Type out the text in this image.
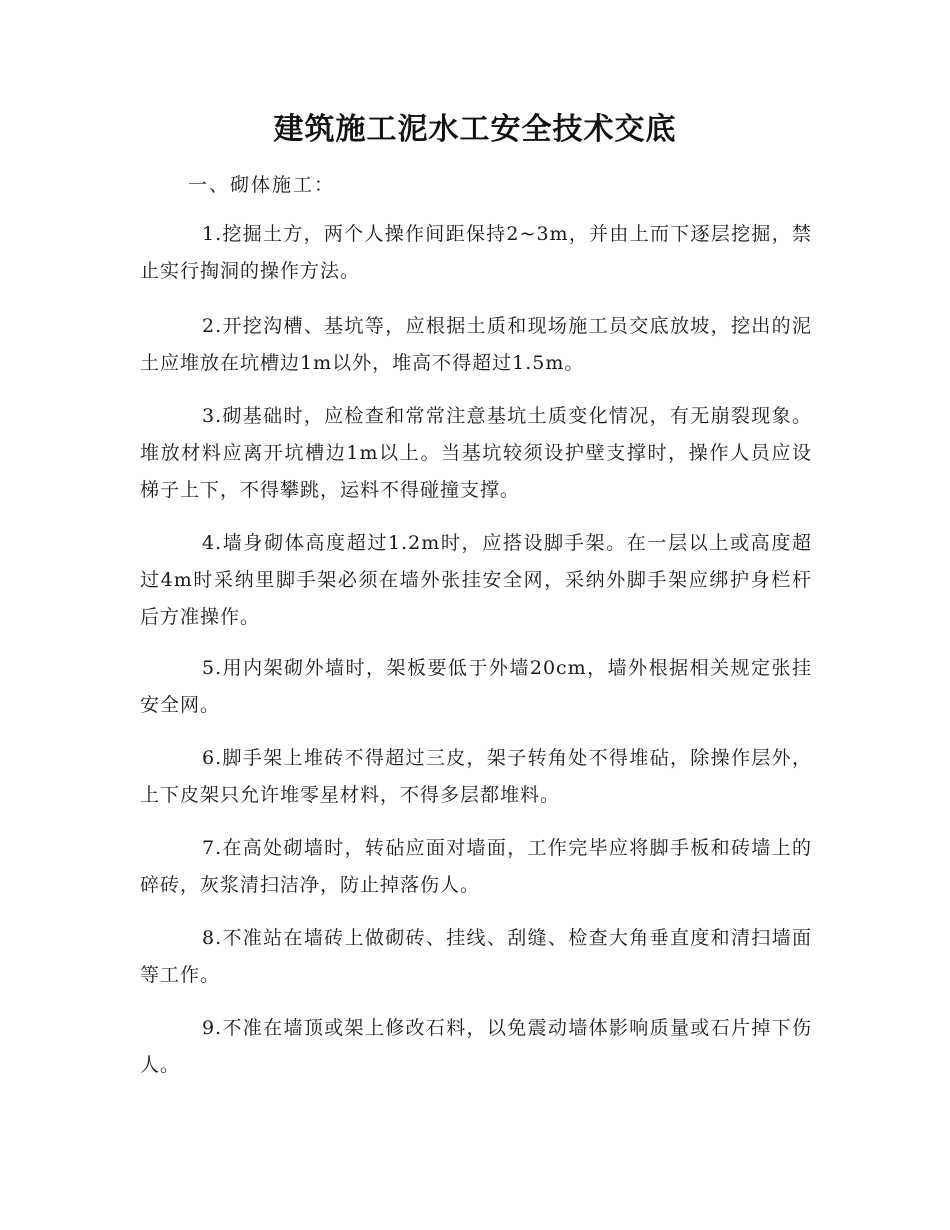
建筑施工泥水工安全技术交底
一、砌体施工：

1.挖掘土方，两个人操作间距保持2~3m，并由上而下逐层挖掘，禁止实行掏洞的操作方法。

2.开挖沟槽、基坑等，应根据土质和现场施工员交底放坡，挖出的泥土应堆放在坑槽边1m以外，堆高不得超过1.5m。

3.砌基础时，应检查和常常注意基坑土质变化情况，有无崩裂现象。堆放材料应离开坑槽边1m以上。当基坑较须设护壁支撑时，操作人员应设梯子上下，不得攀跳，运料不得碰撞支撑。

4.墙身砌体高度超过1.2m时，应搭设脚手架。在一层以上或高度超过4m时采纳里脚手架必须在墙外张挂安全网，采纳外脚手架应绑护身栏杆后方准操作。

5.用内架砌外墙时，架板要低于外墙20cm，墙外根据相关规定张挂安全网。

6.脚手架上堆砖不得超过三皮，架子转角处不得堆砧，除操作层外，上下皮架只允许堆零星材料，不得多层都堆料。

7.在高处砌墙时，转砧应面对墙面，工作完毕应将脚手板和砖墙上的碎砖，灰浆清扫洁净，防止掉落伤人。

8.不准站在墙砖上做砌砖、挂线、刮缝、检查大角垂直度和清扫墙面等工作。

9.不准在墙顶或架上修改石料，以免震动墙体影响质量或石片掉下伤人。
